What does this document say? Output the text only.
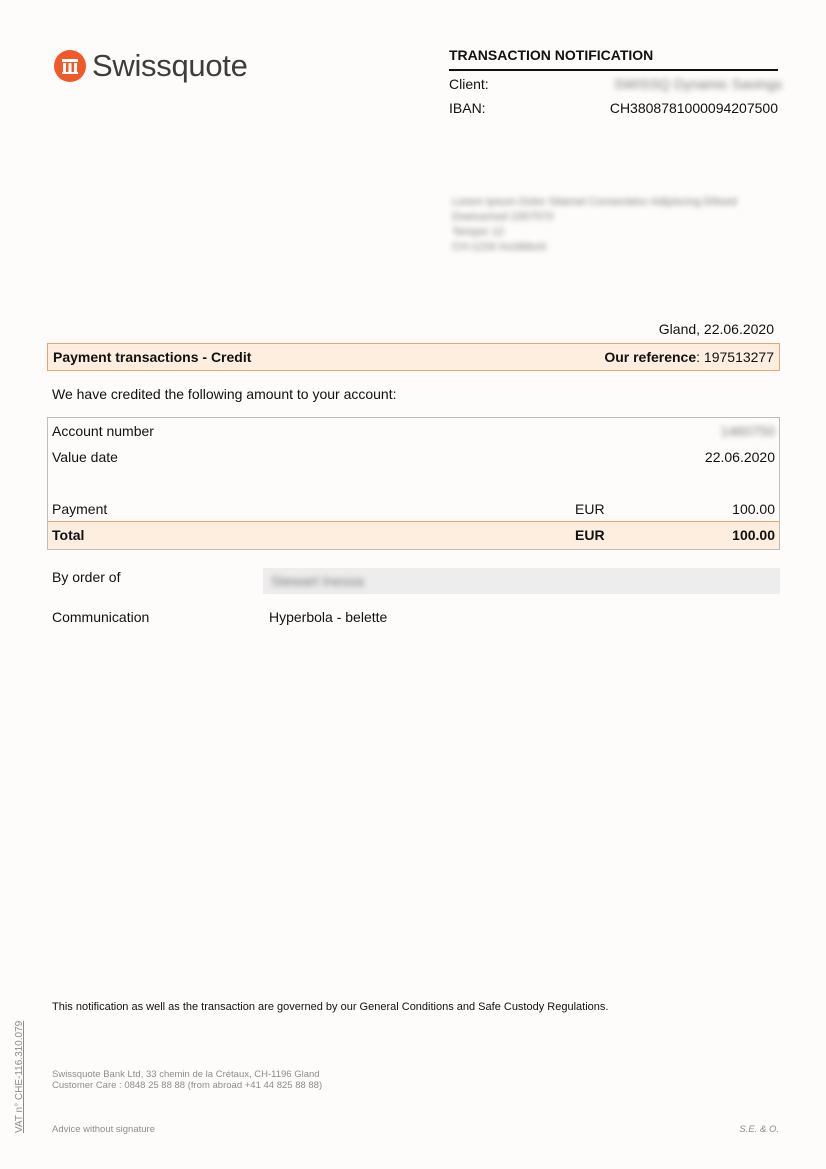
Swissquote	TRANSACTION NOTIFICATION
Client:	SWISSQ Dynamic Savings
IBAN:	CH3808781000094207500
Lorem Ipsum Dolor Sitamet Consectetur Adipiscing Elitsed
Doeiusmod 2357570
Tempor 12
CH-1234 Incididunt
Gland, 22.06.2020
Payment transactions - Credit	Our reference: 197513277
We have credited the following amount to your account:
Account number	1460750
Value date	22.06.2020
Payment	EUR	100.00
Total	EUR	100.00
By order of	Stewart Inessa
Communication	Hyperbola - belette
This notification as well as the transaction are governed by our General Conditions and Safe Custody Regulations.
Swissquote Bank Ltd, 33 chemin de la Crétaux, CH-1196 Gland
Customer Care : 0848 25 88 88 (from abroad +41 44 825 88 88)
Advice without signature	S.E. & O.
VAT n° CHE-116.310.079
